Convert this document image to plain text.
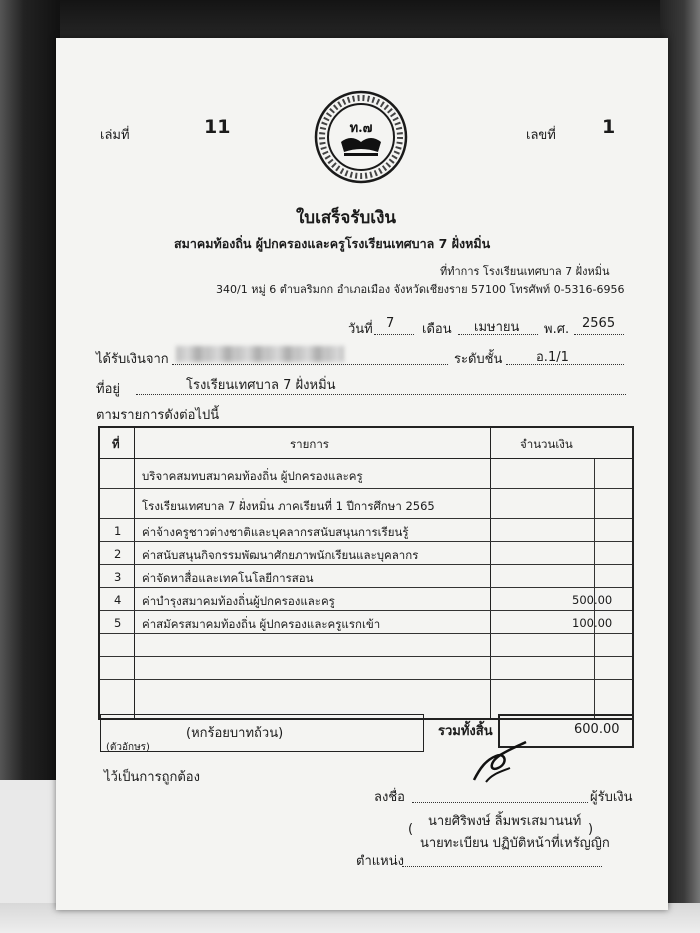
เล่มที่	11	เลขที่ 1
ท.๗
ใบเสร็จรับเงิน
สมาคมท้องถิ่น ผู้ปกครองและครูโรงเรียนเทศบาล 7 ฝั่งหมิ่น
ที่ทำการ โรงเรียนเทศบาล 7 ฝั่งหมิ่น
340/1 หมู่ 6 ตำบลริมกก อำเภอเมือง จังหวัดเชียงราย 57100 โทรศัพท์ 0-5316-6956
วันที่ 7 เดือน เมษายน พ.ศ. 2565
ได้รับเงินจาก	ระดับชั้น	อ.1/1
ที่อยู่	โรงเรียนเทศบาล 7 ฝั่งหมิ่น
ตามรายการดังต่อไปนี้
ที่	รายการ	จำนวนเงิน
บริจาคสมทบสมาคมท้องถิ่น ผู้ปกครองและครู
โรงเรียนเทศบาล 7 ฝั่งหมิ่น ภาคเรียนที่ 1 ปีการศึกษา 2565
1 ค่าจ้างครูชาวต่างชาติและบุคลากรสนับสนุนการเรียนรู้
2 ค่าสนับสนุนกิจกรรมพัฒนาศักยภาพนักเรียนและบุคลากร
3 ค่าจัดหาสื่อและเทคโนโลยีการสอน
4 ค่าบำรุงสมาคมท้องถิ่นผู้ปกครองและครู	500.00
5 ค่าสมัครสมาคมท้องถิ่น ผู้ปกครองและครูแรกเข้า	100.00
(หกร้อยบาทถ้วน)
(ตัวอักษร)
รวมทั้งสิ้น	600.00
ไว้เป็นการถูกต้อง
ลงชื่อ	ผู้รับเงิน
นายศิริพงษ์ ลิ้มพรเสมานนท์
(	)
นายทะเบียน ปฏิบัติหน้าที่เหรัญญิก
ตำแหน่ง
